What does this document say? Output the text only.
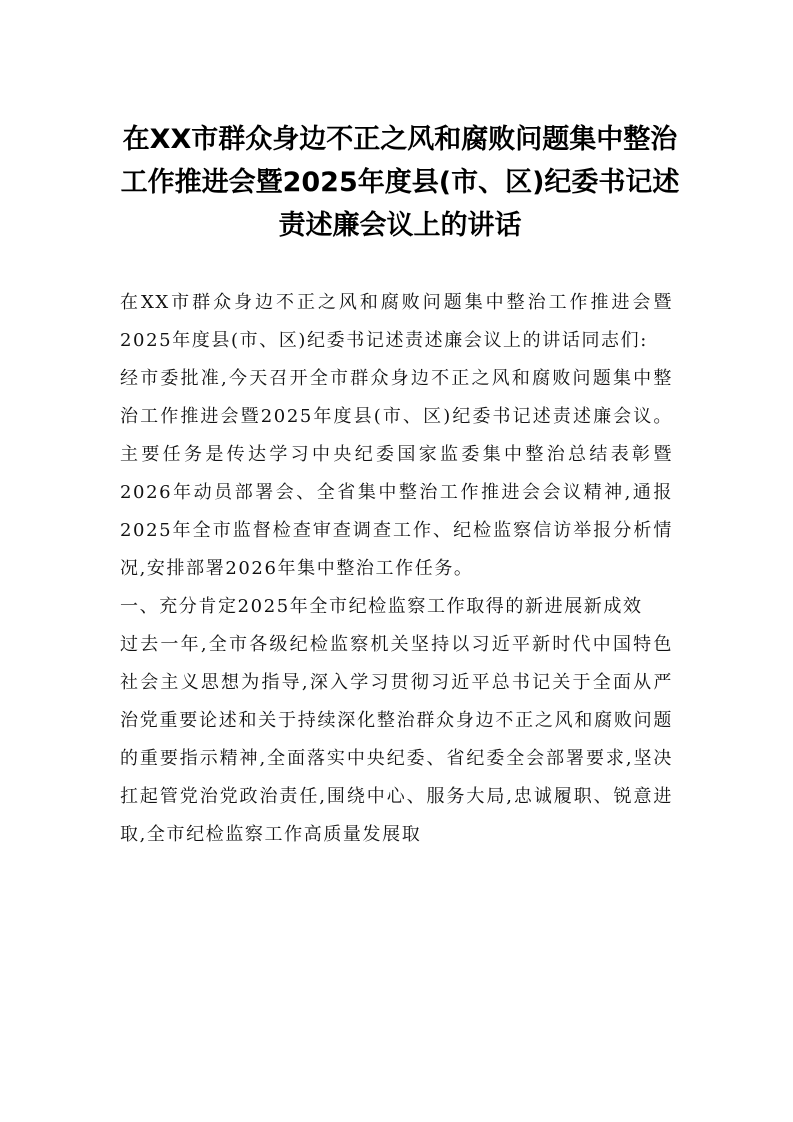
在XX市群众身边不正之风和腐败问题集中整治工作推进会暨2025年度县(市、区)纪委书记述责述廉会议上的讲话

在XX市群众身边不正之风和腐败问题集中整治工作推进会暨2025年度县(市、区)纪委书记述责述廉会议上的讲话同志们:

经市委批准,今天召开全市群众身边不正之风和腐败问题集中整治工作推进会暨2025年度县(市、区)纪委书记述责述廉会议。主要任务是传达学习中央纪委国家监委集中整治总结表彰暨2026年动员部署会、全省集中整治工作推进会会议精神,通报2025年全市监督检查审查调查工作、纪检监察信访举报分析情况,安排部署2026年集中整治工作任务。

一、充分肯定2025年全市纪检监察工作取得的新进展新成效

过去一年,全市各级纪检监察机关坚持以习近平新时代中国特色社会主义思想为指导,深入学习贯彻习近平总书记关于全面从严治党重要论述和关于持续深化整治群众身边不正之风和腐败问题的重要指示精神,全面落实中央纪委、省纪委全会部署要求,坚决扛起管党治党政治责任,围绕中心、服务大局,忠诚履职、锐意进取,全市纪检监察工作高质量发展取
